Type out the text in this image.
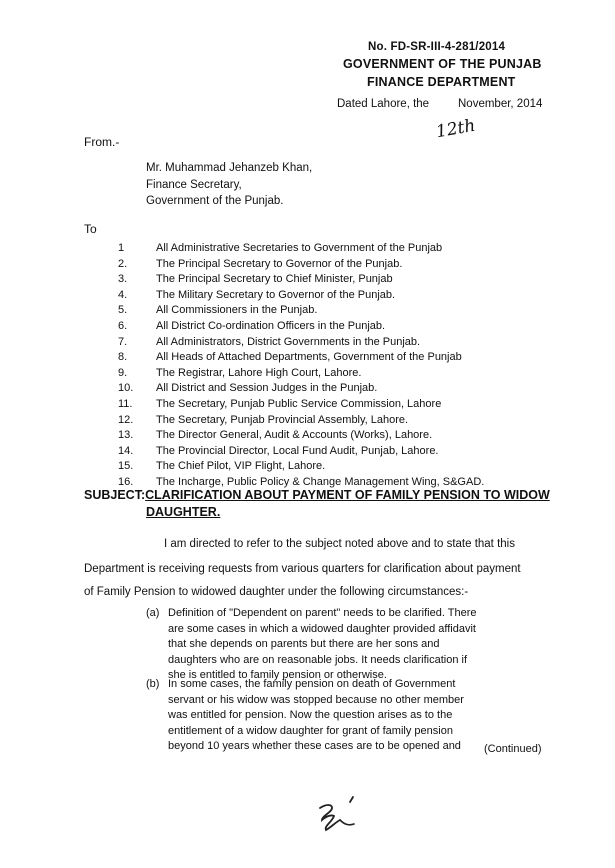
No. FD-SR-III-4-281/2014
GOVERNMENT OF THE PUNJAB
FINANCE DEPARTMENT
Dated Lahore, the	November, 2014
12th
From.-
Mr. Muhammad Jehanzeb Khan,
Finance Secretary,
Government of the Punjab.
To
1	All Administrative Secretaries to Government of the Punjab
2.	The Principal Secretary to Governor of the Punjab.
3.	The Principal Secretary to Chief Minister, Punjab
4.	The Military Secretary to Governor of the Punjab.
5.	All Commissioners in the Punjab.
6.	All District Co-ordination Officers in the Punjab.
7.	All Administrators, District Governments in the Punjab.
8.	All Heads of Attached Departments, Government of the Punjab
9.	The Registrar, Lahore High Court, Lahore.
10.	All District and Session Judges in the Punjab.
11.	The Secretary, Punjab Public Service Commission, Lahore
12.	The Secretary, Punjab Provincial Assembly, Lahore.
13.	The Director General, Audit & Accounts (Works), Lahore.
14.	The Provincial Director, Local Fund Audit, Punjab, Lahore.
15.	The Chief Pilot, VIP Flight, Lahore.
16.	The Incharge, Public Policy & Change Management Wing, S&GAD.
SUBJECT:CLARIFICATION ABOUT PAYMENT OF FAMILY PENSION TO WIDOW
DAUGHTER.
I am directed to refer to the subject noted above and to state that this
Department is receiving requests from various quarters for clarification about payment
of Family Pension to widowed daughter under the following circumstances:-
(a) Definition of "Dependent on parent" needs to be clarified. There
are some cases in which a widowed daughter provided affidavit
that she depends on parents but there are her sons and
daughters who are on reasonable jobs. It needs clarification if
she is entitled to family pension or otherwise.
(b) In some cases, the family pension on death of Government
servant or his widow was stopped because no other member
was entitled for pension. Now the question arises as to the
entitlement of a widow daughter for grant of family pension
beyond 10 years whether these cases are to be opened and (Continued)
